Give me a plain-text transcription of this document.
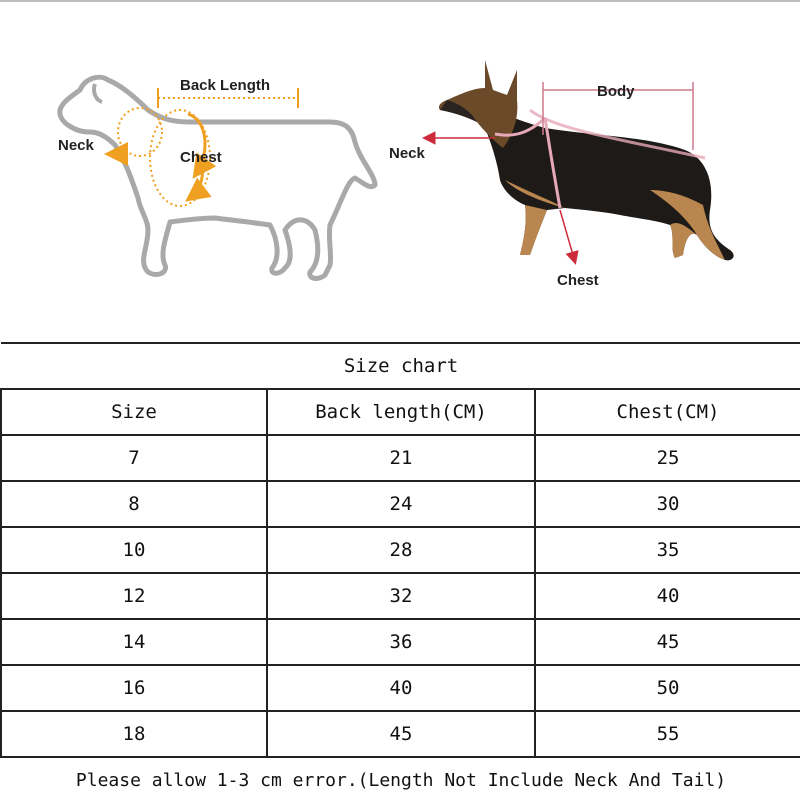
Back Length
Neck
Chest
Body
Neck
Chest
Size chart		
Size	Back length(CM)	Chest(CM)
7	21	25
8	24	30
10	28	35
12	32	40
14	36	45
16	40	50
18	45	55
Please allow 1-3 cm error.(Length Not Include Neck And Tail)		
